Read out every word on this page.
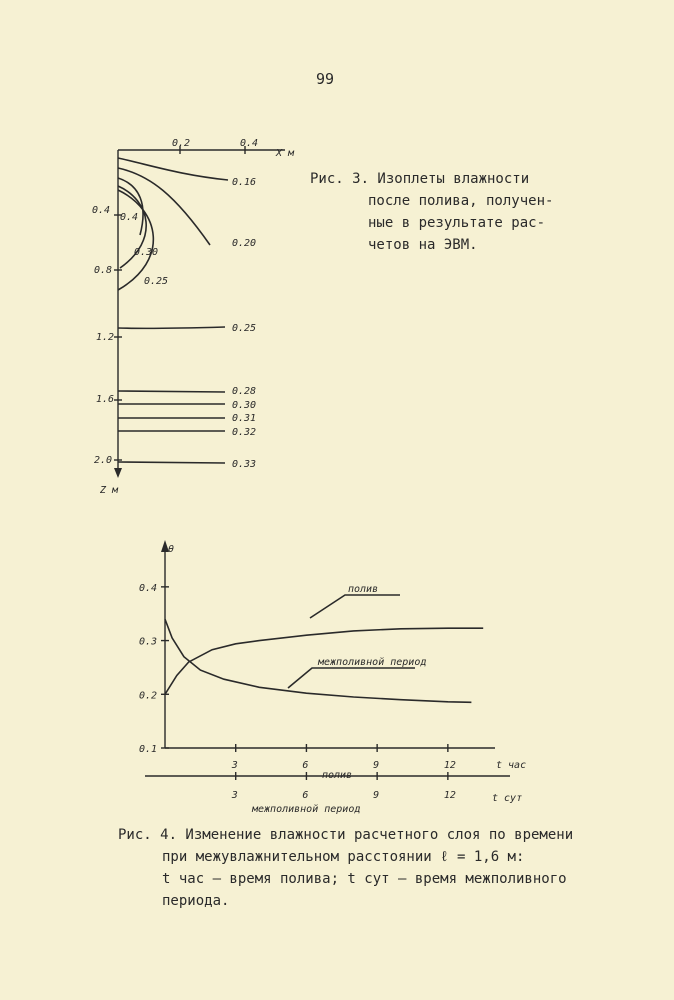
99
0.2	0.4
X м
0.4
0.8
1.2
1.6
2.0
Z м
0.16
0.20
0.4
0.30
0.25
0.25
0.28
0.30
0.31
0.32
0.33
Рис. 3. Изоплеты влажности
после полива, получен-
ные в результате рас-
четов на ЭВМ.
θ
t час
t сут
полив
межполивной период
0.1
0.2
0.3
0.4
3	6	9	12
3	6	9	12
полив
межполивной период
Рис. 4. Изменение влажности расчетного слоя по времени
при межувлажнительном расстоянии ℓ = 1,6 м:
t час – время полива; t сут – время межполивного
периода.
